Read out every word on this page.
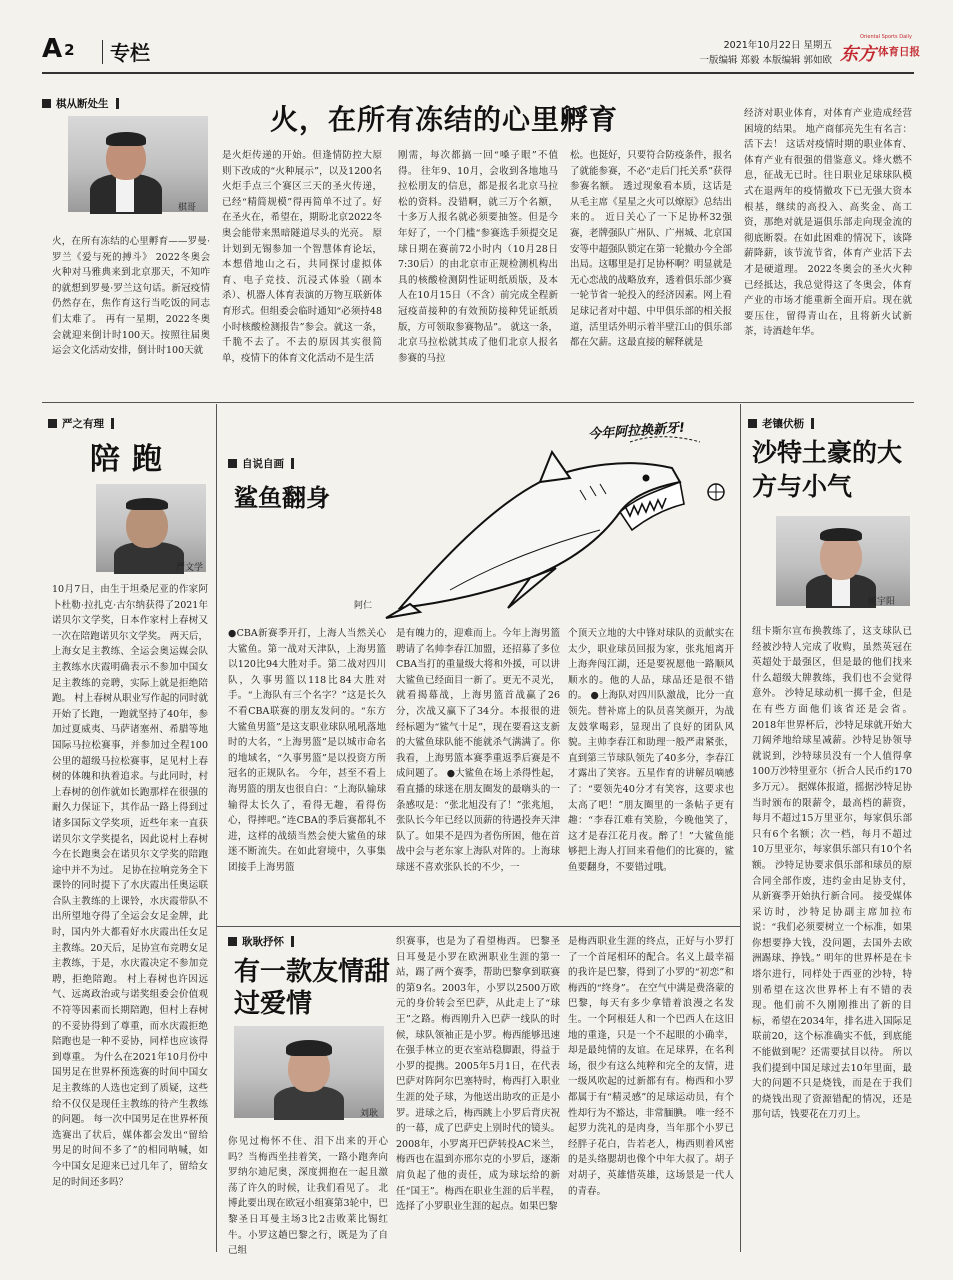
A 2 专栏	2021年10月22日 星期五
一版编辑 郑毅 本版编辑 郭如欧
Oriental Sports Daily
东方 体育日报
棋从断处生
棋哥
火，在所有冻结的心里孵育
火，在所有冻结的心里孵育——罗曼·罗兰《爱与死的搏斗》 2022冬奥会火种对马雅典来到北京那天，不知咋的就想到罗曼·罗兰这句话。新冠疫情仍然存在，焦作育这行当吃饭的同志们太难了。 再有一星期，2022冬奥会就迎来倒计时100天。按照往届奥运会文化活动安排，倒计时100天就
是火炬传递的开始。但逢情防控大原则下改成的“火种展示”，以及1200名火炬手点三个赛区三天的圣火传递，已经“精简规模”得再简单不过了。好在圣火在，希望在，期盼北京2022冬奥会能带来黑暗隧道尽头的光亮。 原计划到无锡参加一个智慧体育论坛，本想借地山之石，共同探讨虚拟体育、电子竞技、沉浸式体验（剧本杀）、机器人体育表演的万物互联新体育形式。但组委会临时通知“必须持48小时核酸检测报告”参会。就这一条，千脆不去了。不去的原因其实很简单，疫情下的体育文化活动不是生活
刚需，每次都搞一回“嗓子眼”不值得。 往年9、10月，会收到各地地马拉松朋友的信息，都是报名北京马拉松的资料。没错啊，就三万个名额，十多万人报名就必须要抽签。但是今年好了，一个门槛“参赛选手须提交足球日期在赛前72小时内（10月28日7:30后）的由北京市正规检测机构出具的核酸检测阴性证明纸质版，及本人在10月15日（不含）前完成全程新冠疫苗接种的有效预防接种凭证纸质版，方可领取参赛物品”。 就这一条，北京马拉松就其成了他们北京人报名参赛的马拉
松。也挺好，只要符合防疫条件，报名了就能参赛，不必“走后门托关系”获得参赛名额。 透过现象看本质，这话是从毛主席《星星之火可以燎原》总结出来的。 近日关心了一下足协杯32强赛，老牌强队广州队、广州城、北京国安等中超强队锁定在第一轮撤办今全部出局。这哪里是打足协杯啊？明显就是无心恋战的战略放弃，透着俱乐部少赛一轮节省一轮投入的经济因素。网上看足球记者对中超、中甲俱乐部的相关报道，活里话外明示着半壁江山的俱乐部都在欠薪。这最直接的解释就是
经济对职业体育，对体育产业造成经营困境的结果。 地产商郁亮先生有名言：活下去！ 这话对疫情时期的职业体育、体育产业有很强的借鉴意义。烽火燃不息，征战无已时。往日职业足球球队模式在退两年的疫情撤攻下已无强大资本根基，继续的高投入、高奖金、高工资，那绝对就是逼俱乐部走向现金流的彻底断裂。在如此困难的情况下，该降薪降薪，该节流节省，体育产业活下去才是硬道理。 2022冬奥会的圣火火种已经抵达，我总觉得这了冬奥会，体育产业的市场才能重新全面开启。现在就要压住，留得青山在，且将新火试新茶，诗酒趁年华。
严之有理
陪跑
严文学
10月7日，由生于坦桑尼亚的作家阿卜杜勒·拉扎克·古尔纳获得了2021年诺贝尔文学奖，日本作家村上春树又一次在陪跑诺贝尔文学奖。 两天后，上海女足主教练、全运会奥运媒会队主教练水庆霞明确表示不参加中国女足主教练的竞聘，实际上就是拒绝陪跑。 村上春树从职业写作起的同时就开始了长跑，一跑就坚持了40年，参加过夏威夷、马萨诸塞州、希腊等地国际马拉松赛事，并参加过全程100公里的超级马拉松赛事，足见村上春树的体魄和执着追求。与此同时，村上春树的创作就如长跑那样在很强的耐久力保证下，其作品一路上得到过诸多国际文学奖项，近些年来一直获诺贝尔文学奖提名，因此说村上春树今在长跑奥会在诺贝尔文学奖的陪跑途中并不为过。 足协在拉响竞务全下课铃的同时提下了水庆霞出任奥运联合队主教练的上课铃，水庆霞带队不出所望地夺得了全运会女足金牌，此时，国内外大都看好水庆霞出任女足主教练。20天后，足协宣布竞聘女足主教练，于是，水庆霞决定不参加竞聘，拒绝陪跑。 村上春树也许因远气、远离政治或与诺奖组委会价值观不符等因素而长期陪跑，但村上春树的不妥协得到了尊重，而水庆霞拒绝陪跑也是一种不妥协，同样也应该得到尊重。 为什么在2021年10月份中国男足在世界杯预选赛的时间中国女足主教练的人选也定到了质疑，这些给不仅仅是现任主教练的待产生教练的问题。 每一次中国男足在世界杯预选赛出了状后，媒体都会发出“留给男足的时间不多了”的相同呐喊，如今中国女足迎来已过几年了，留给女足的时间还多吗？
自说自画
鲨鱼翻身
阿仁
今年阿拉换新牙!
●CBA新赛季开打，上海人当然关心大鲨鱼。第一战对天津队，上海男篮以120比94大胜对手。第二战对四川队，久事男篮以118比84大胜对手。“上海队有三个名字？”这是长久不看CBA联赛的朋友发问的。“东方大鲨鱼男篮”是这支职业球队吼吼落地时的大名，“上海男篮”是以城市命名的地域名，“久事男篮”是以投资方所冠名的正规队名。 今年，甚至不看上海男篮的朋友也很自白：“上海队输球输得太长久了，看得无趣，看得伤心，得摔吧。”连CBA的季后赛都轧不进，这样的战绩当然会使大鲨鱼的球迷不断流失。在如此窘境中，久事集团接手上海男篮
是有魄力的，迎难而上。今年上海男篮聘请了名帅李春江加盟，还招募了多位CBA当打的重量级大将和外援，可以讲大鲨鱼已经面目一新了。更无不灵光，就看揭幕战，上海男篮首战赢了26分，次战又赢下了34分。本报很的进经标题为“鲨气十足”，现在要看这支新的大鲨鱼球队能不能就杀气满满了。你我看，上海男篮本赛季重返季后赛是不成问题了。 ●大鲨鱼在场上杀得性起，看直播的球迷在朋友圈发的最嗨头的一条感叹是：“张北旭没有了！”张兆旭，张队长今年已经以顶薪的待遇投奔天津队了。如果不是四为者伤所困，他在首战中会与老东家上海队对阵的。上海球球迷不喜欢张队长的不少，一
个顶天立地的大中锋对球队的贡献实在太少，职业球员回报为家，张兆旭离开上海奔闯江湖，还是要祝愿他一路顺风顺水的。他的人品，球品还是很不错的。 ●上海队对四川队激战，比分一直领先。替补席上的队员喜笑颜开，为战友鼓掌喝彩，显现出了良好的团队风貌。主帅李春江和助理一般严肃紧张，直到第三节球队领先了40多分，李春江才露出了笑容。五星作育的讲解员嘀感了：“要领先40分才有笑容，这要求也太高了吧！”朋友圈里的一条帖子更有趣：“李春江难有笑脸，今晚他笑了，这才是春江花月夜。醉了！”大鲨鱼能够把上海人打回来看他们的比赛的，鲨鱼要翻身，不要错过哦。
耿耿抒怀
有一款友情甜过爱情
刘耿
你见过梅怀不住、泪下出来的开心吗？当梅西坐挂着笑，一路小跑奔向罗纳尔迪尼奥，深度拥抱在一起且激荡了许久的时候，让我们看见了。 北博此要出现在欧冠小组赛第3轮中，巴黎圣日耳曼主场3比2击败莱比锡红牛。小罗这趟巴黎之行，既是为了自己组
织赛事，也是为了看望梅西。 巴黎圣日耳曼是小罗在欧洲职业生涯的第一站，踢了两个赛季，帮助巴黎拿到联赛的第9名。2003年，小罗以2500万欧元的身价转会至巴萨，从此走上了“球王”之路。梅西刚升入巴萨一线队的时候，球队领袖正是小罗。梅西能够迅速在强手林立的更衣室站稳脚跟，得益于小罗的提携。2005年5月1日，在代表巴萨对阵阿尔巴塞特时，梅西打入职业生涯的处子球，为他送出助攻的正是小罗。进球之后，梅西跳上小罗后背庆祝的一幕，成了巴萨史上别时代的镜头。 2008年，小罗离开巴萨转投AC米兰，梅西也在温到亦邢尔克的小罗后，逐渐肩负起了他的责任，成为球坛给的新任“国王”。梅西在职业生涯的后半程，选择了小罗职业生涯的起点。如果巴黎
是梅西职业生涯的终点，正好与小罗打了一个首尾相环的配合。名义上最幸福的我许是巴黎，得到了小罗的“初恋”和梅西的“终身”。 在空气中满是费洛蒙的巴黎，每天有多少拿错着浪漫之名发生。一个阿根廷人和一个巴西人在这旧地的重逢，只是一个不起眼的小确幸，却是最纯情的友谊。在足球界，在名利场，很少有这么纯粹和完全的友情，进一级风吹起的过新都有有。梅西和小罗都属于有“精灵感”的足球运动员，有个性却行为不豁达，非常腼腆。 唯一经不起罗力洗礼的是肉身，当年那个小罗已经胖子花白，告若老人，梅西则着风密的是头络腮胡也像个中年大叔了。胡子对胡子，英雄惜英雄，这场景是一代人的青春。
老镶伏枥
沙特土豪的大方与小气
姬宇阳
纽卡斯尔宣布换教练了，这支球队已经被沙特人完成了收购，虽然英冠在英超处于最强区，但是最的他们找来什么超级大牌教练，我们也不会觉得意外。 沙特足球动机一掷千金，但是在有些方面他们该省还是会省。 2018年世界杯后，沙特足球就开始大刀阔斧地给球星减薪。沙特足协领导就说到，沙特球员没有一个人值得拿100万沙特里亚尔（折合人民币约170多万元）。 据媒体报道，摇据沙特足协当时颁布的限薪令，最高档的薪资，每月不超过15万里亚尔，每家俱乐部只有6个名额；次一档，每月不超过10万里亚尔，每家俱乐部只有10个名额。 沙特足协要求俱乐部和球员的原合同全部作废，违约金由足协支付，从新赛季开始执行新合同。 接受媒体采访时，沙特足协副主席加拉布说：“我们必须要树立一个标准，如果你想要挣大钱，没问题，去国外去欧洲踢球、挣钱。” 明年的世界杯是在卡塔尔进行，同样处于西亚的沙特，特别希望在这次世界杯上有不错的表现。他们前不久刚刚推出了新的目标，希望在2034年，排名进入国际足联前20，这个标准确实不低，到底能不能做到呢？还需要拭目以待。 所以我们提到中国足球过去10年里面，最大的问题不只是烧钱，而是在于我们的烧钱出现了资源错配的情况，还是那句话，钱要花在刀刃上。
